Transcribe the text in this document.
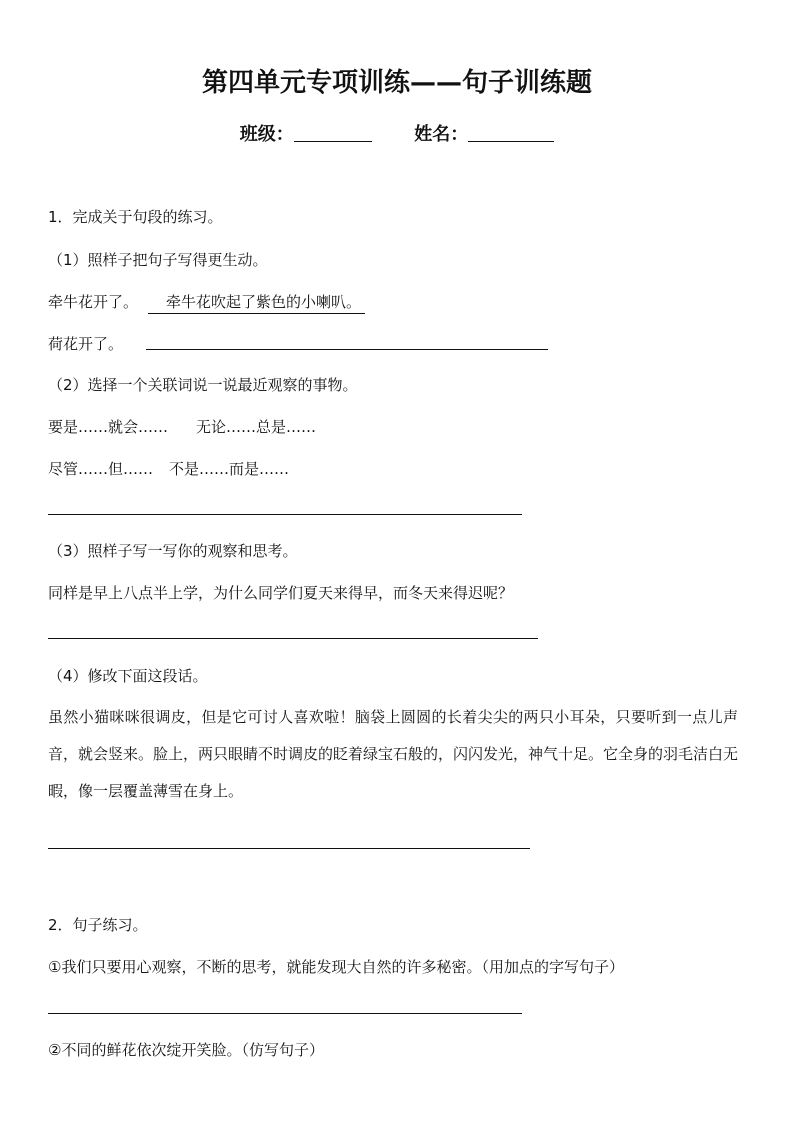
第四单元专项训练——句子训练题
班级：	姓名：
1．完成关于句段的练习。
（1）照样子把句子写得更生动。
牵牛花开了。 牵牛花吹起了紫色的小喇叭。
荷花开了。
（2）选择一个关联词说一说最近观察的事物。
要是……就会…… 无论……总是……
尽管……但…… 不是……而是……
（3）照样子写一写你的观察和思考。
同样是早上八点半上学，为什么同学们夏天来得早，而冬天来得迟呢？
（4）修改下面这段话。
虽然小猫咪咪很调皮，但是它可讨人喜欢啦！脑袋上圆圆的长着尖尖的两只小耳朵，只要听到一点儿声音，就会竖来。脸上，两只眼睛不时调皮的眨着绿宝石般的，闪闪发光，神气十足。它全身的羽毛洁白无暇，像一层覆盖薄雪在身上。
2．句子练习。
①我们只要用心观察，不断的思考，就能发现大自然的许多秘密。（用加点的字写句子）
②不同的鲜花依次绽开笑脸。（仿写句子）
